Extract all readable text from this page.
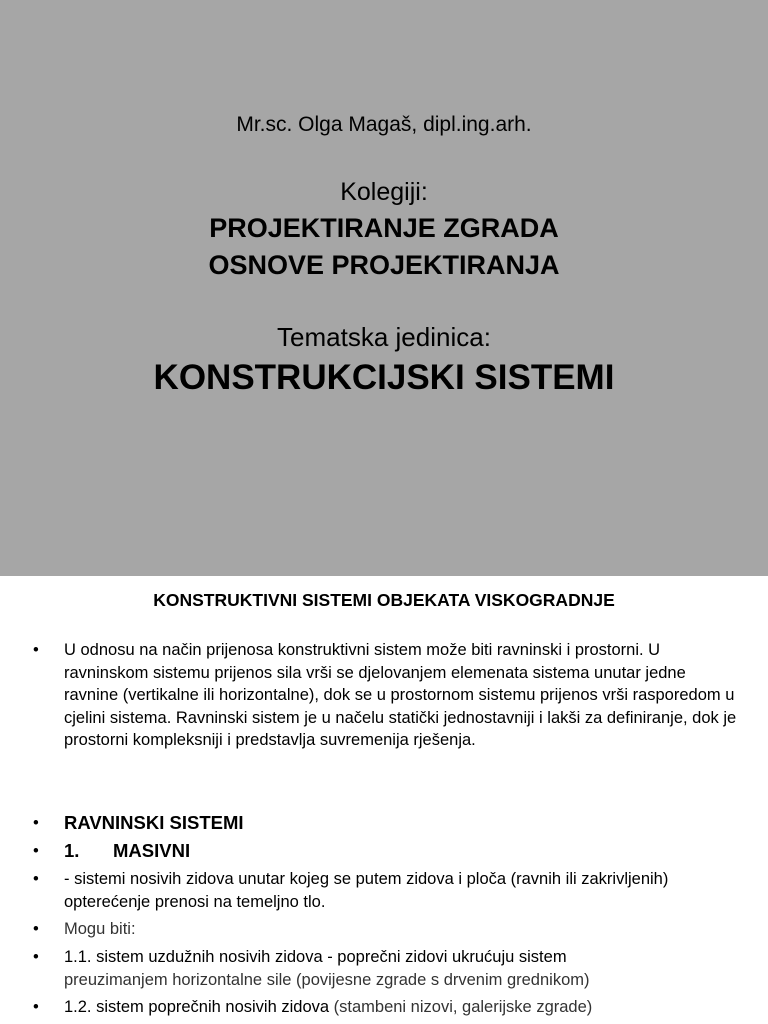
Mr.sc. Olga Magaš, dipl.ing.arh.
Kolegiji:
PROJEKTIRANJE ZGRADA
OSNOVE PROJEKTIRANJA
Tematska jedinica:
KONSTRUKCIJSKI SISTEMI
KONSTRUKTIVNI SISTEMI OBJEKATA VISKOGRADNJE
• U odnosu na način prijenosa konstruktivni sistem može biti ravninski i prostorni. U ravninskom sistemu prijenos sila vrši se djelovanjem elemenata sistema unutar jedne ravnine (vertikalne ili horizontalne), dok se u prostornom sistemu prijenos vrši rasporedom u cjelini sistema. Ravninski sistem je u načelu statički jednostavniji i lakši za definiranje, dok je prostorni kompleksniji i predstavlja suvremenija rješenja.
• RAVNINSKI SISTEMI
• 1. MASIVNI
• - sistemi nosivih zidova unutar kojeg se putem zidova i ploča (ravnih ili zakrivljenih) opterećenje prenosi na temeljno tlo.
• Mogu biti:
• 1.1. sistem uzdužnih nosivih zidova - poprečni zidovi ukrućuju sistem
preuzimanjem horizontalne sile (povijesne zgrade s drvenim grednikom)
• 1.2. sistem poprečnih nosivih zidova (stambeni nizovi, galerijske zgrade)
